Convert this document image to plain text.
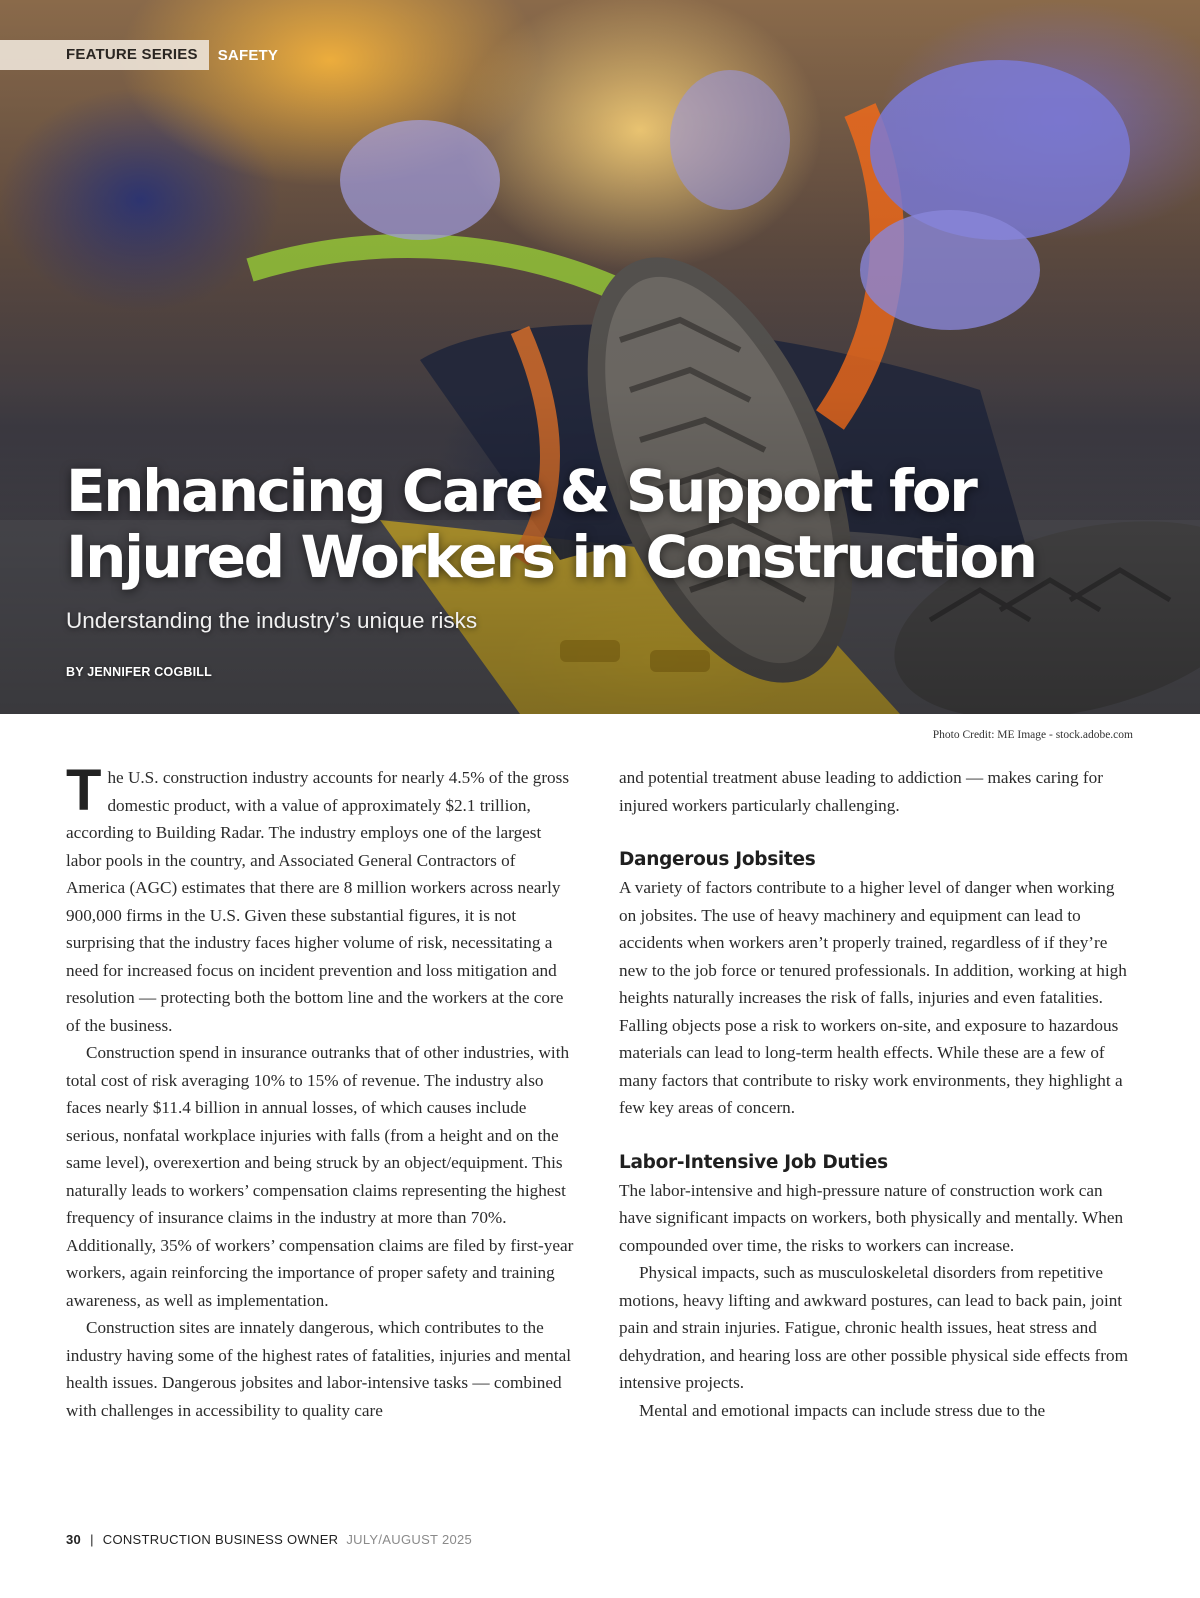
FEATURE SERIES	SAFETY
Enhancing Care & Support for
Injured Workers in Construction

Understanding the industry’s unique risks

BY JENNIFER COGBILL

Photo Credit: ME Image - stock.adobe.com

The U.S. construction industry accounts for nearly 4.5% of the gross domestic product, with a value of approximately $2.1 trillion, according to Building Radar. The industry employs one of the largest labor pools in the country, and Associated General Contractors of America (AGC) estimates that there are 8 million workers across nearly 900,000 firms in the U.S. Given these substantial figures, it is not surprising that the industry faces higher volume of risk, necessitating a need for increased focus on incident prevention and loss mitigation and resolution — protecting both the bottom line and the workers at the core of the business.

Construction spend in insurance outranks that of other industries, with total cost of risk averaging 10% to 15% of revenue. The industry also faces nearly $11.4 billion in annual losses, of which causes include serious, nonfatal workplace injuries with falls (from a height and on the same level), overexertion and being struck by an object/equipment. This naturally leads to workers’ compensation claims representing the highest frequency of insurance claims in the industry at more than 70%. Additionally, 35% of workers’ compensation claims are filed by first-year workers, again reinforcing the importance of proper safety and training awareness, as well as implementation.

Construction sites are innately dangerous, which contributes to the industry having some of the highest rates of fatalities, injuries and mental health issues. Dangerous jobsites and labor-intensive tasks — combined with challenges in accessibility to quality care

and potential treatment abuse leading to addiction — makes caring for injured workers particularly challenging.

Dangerous Jobsites

A variety of factors contribute to a higher level of danger when working on jobsites. The use of heavy machinery and equipment can lead to accidents when workers aren’t properly trained, regardless of if they’re new to the job force or tenured professionals. In addition, working at high heights naturally increases the risk of falls, injuries and even fatalities. Falling objects pose a risk to workers on-site, and exposure to hazardous materials can lead to long-term health effects. While these are a few of many factors that contribute to risky work environments, they highlight a few key areas of concern.

Labor-Intensive Job Duties

The labor-intensive and high-pressure nature of construction work can have significant impacts on workers, both physically and mentally. When compounded over time, the risks to workers can increase.

Physical impacts, such as musculoskeletal disorders from repetitive motions, heavy lifting and awkward postures, can lead to back pain, joint pain and strain injuries. Fatigue, chronic health issues, heat stress and dehydration, and hearing loss are other possible physical side effects from intensive projects.

Mental and emotional impacts can include stress due to the

30 | CONSTRUCTION BUSINESS OWNER JULY/AUGUST 2025
